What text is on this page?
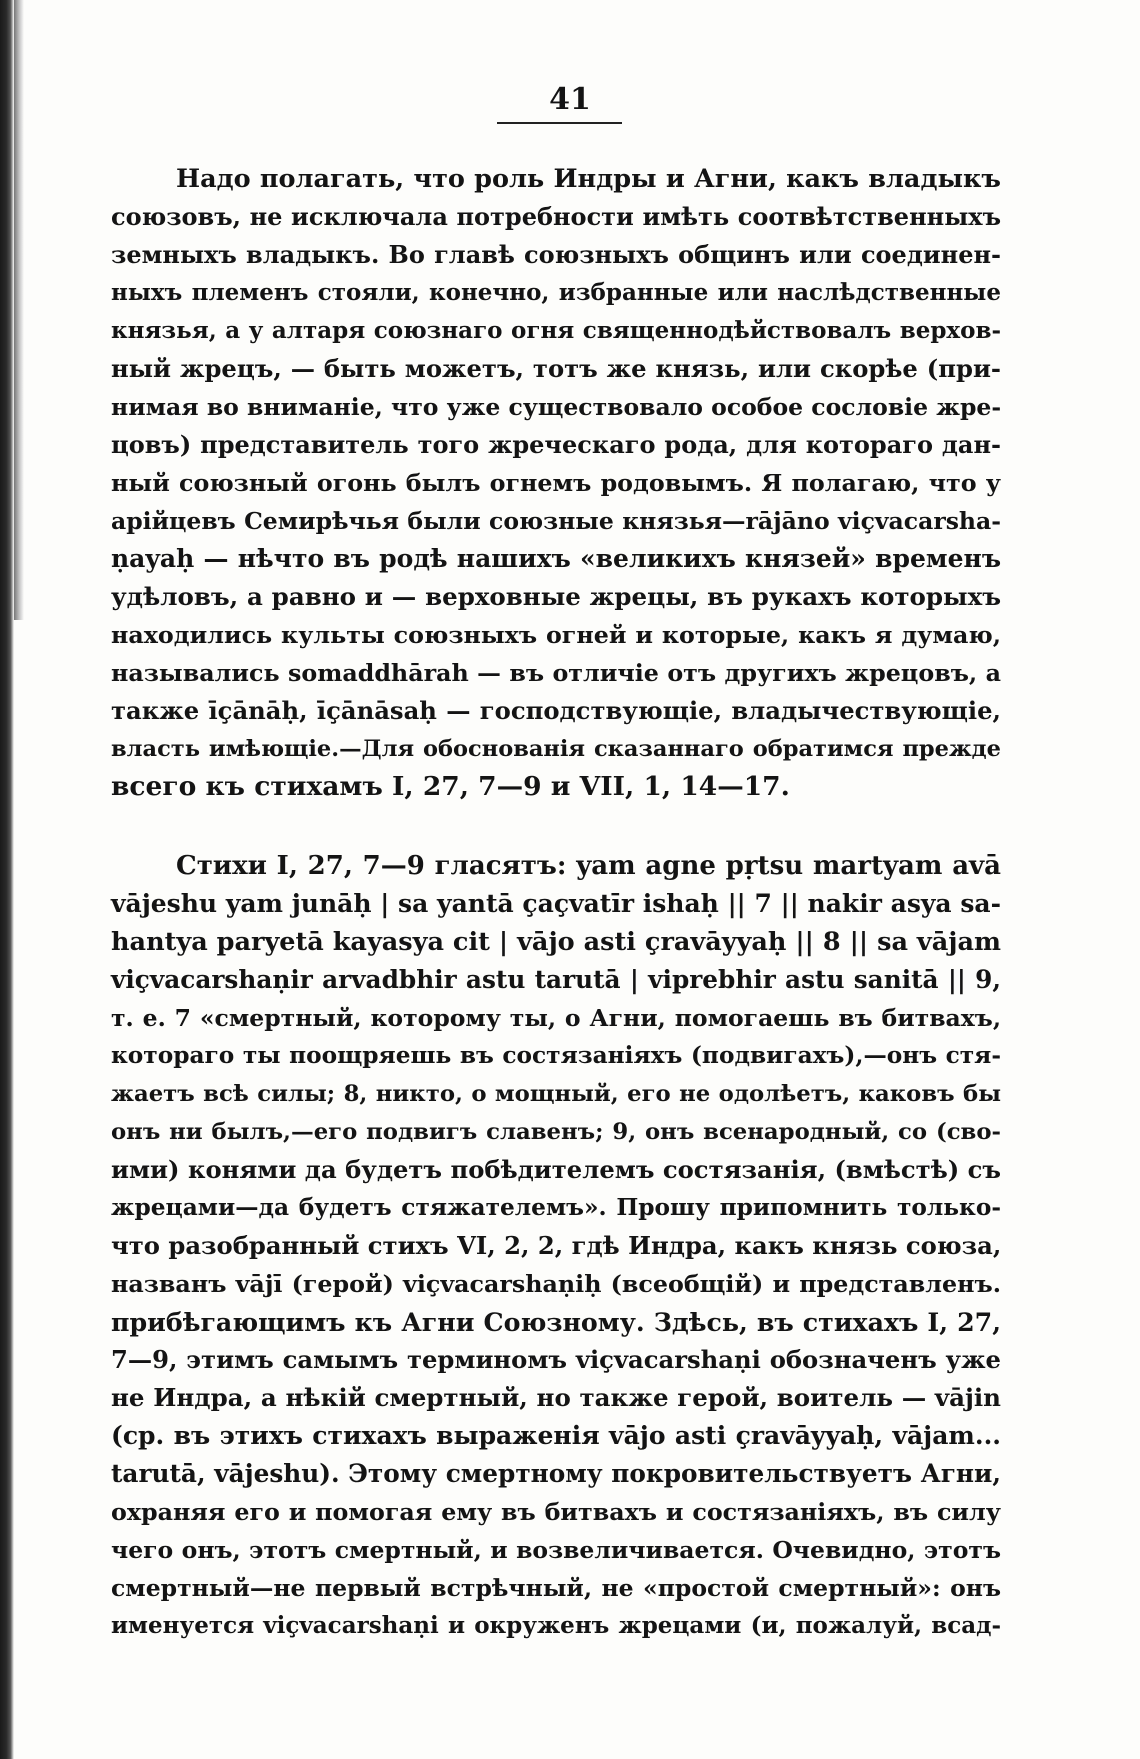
41
Надо полагать, что роль Индры и Агни, какъ владыкъ
союзовъ, не исключала потребности имѣть соотвѣтственныхъ
земныхъ владыкъ. Во главѣ союзныхъ общинъ или соединен-
ныхъ племенъ стояли, конечно, избранные или наслѣдственные
князья, а у алтаря союзнаго огня священнодѣйствовалъ верхов-
ный жрецъ, — быть можетъ, тотъ же князь, или скорѣе (при-
нимая во вниманіе, что уже существовало особое сословіе жре-
цовъ) представитель того жреческаго рода, для котораго дан-
ный союзный огонь былъ огнемъ родовымъ. Я полагаю, что у
арійцевъ Семирѣчья были союзные князья—rājāno viçvacarsha-
ṇayaḥ — нѣчто въ родѣ нашихъ «великихъ князей» временъ
удѣловъ, а равно и — верховные жрецы, въ рукахъ которыхъ
находились культы союзныхъ огней и которые, какъ я думаю,
назывались somaddhārah — въ отличіе отъ другихъ жрецовъ, а
также īçānāḥ, īçānāsaḥ — господствующіе, владычествующіе,
власть имѣющіе.—Для обоснованія сказаннаго обратимся прежде
всего къ стихамъ I, 27, 7—9 и VII, 1, 14—17.
Стихи I, 27, 7—9 гласятъ: yam agne pṛtsu martyam avā
vājeshu yam junāḥ | sa yantā çaçvatīr ishaḥ || 7 || nakir asya sa-
hantya paryetā kayasya cit | vājo asti çravāyyaḥ || 8 || sa vājam
viçvacarshaṇir arvadbhir astu tarutā | viprebhir astu sanitā || 9,
т. е. 7 «смертный, которому ты, о Агни, помогаешь въ битвахъ,
котораго ты поощряешь въ состязаніяхъ (подвигахъ),—онъ стя-
жаетъ всѣ силы; 8, никто, о мощный, его не одолѣетъ, каковъ бы
онъ ни былъ,—его подвигъ славенъ; 9, онъ всенародный, со (сво-
ими) конями да будетъ побѣдителемъ состязанія, (вмѣстѣ) съ
жрецами—да будетъ стяжателемъ». Прошу припомнить только-
что разобранный стихъ VI, 2, 2, гдѣ Индра, какъ князь союза,
названъ vājī (герой) viçvacarshaṇiḥ (всеобщій) и представленъ.
прибѣгающимъ къ Агни Союзному. Здѣсь, въ стихахъ I, 27,
7—9, этимъ самымъ терминомъ viçvacarshaṇi обозначенъ уже
не Индра, а нѣкій смертный, но также герой, воитель — vājin
(ср. въ этихъ стихахъ выраженія vājo asti çravāyyaḥ, vājam...
tarutā, vājeshu). Этому смертному покровительствуетъ Агни,
охраняя его и помогая ему въ битвахъ и состязаніяхъ, въ силу
чего онъ, этотъ смертный, и возвеличивается. Очевидно, этотъ
смертный—не первый встрѣчный, не «простой смертный»: онъ
именуется viçvacarshaṇi и окруженъ жрецами (и, пожалуй, всад-
